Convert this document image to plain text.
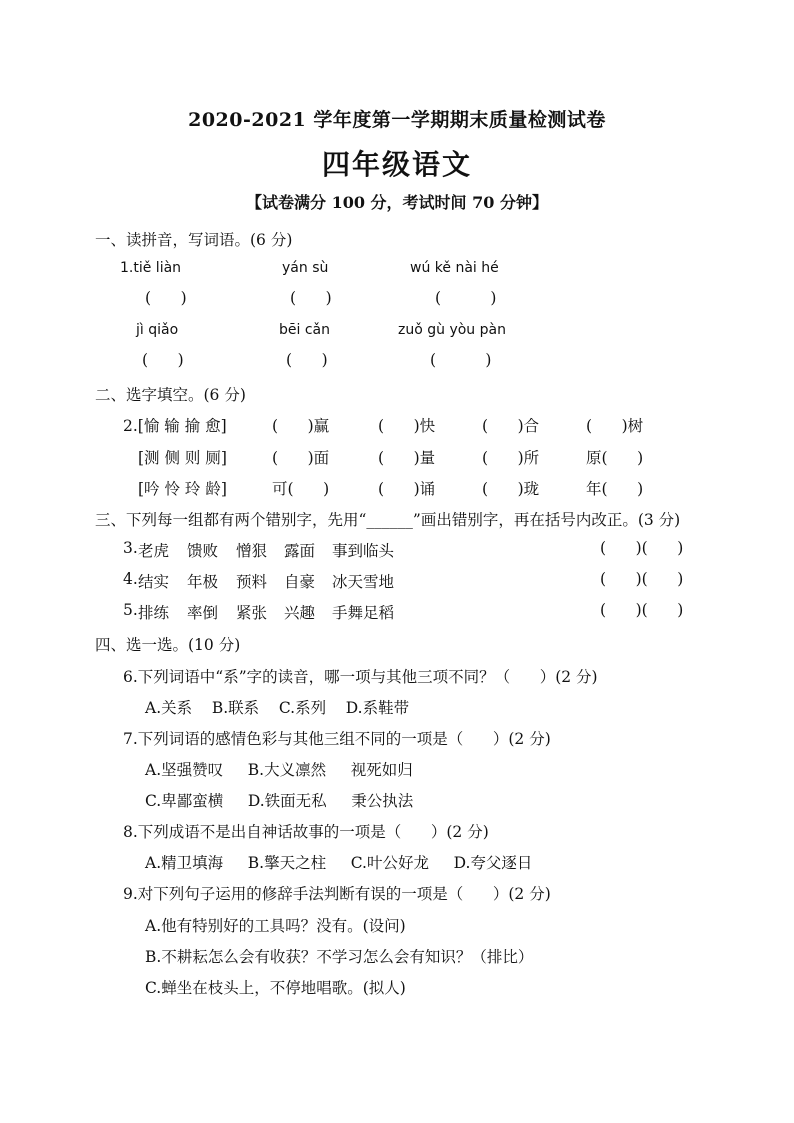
2020-2021 学年度第一学期期末质量检测试卷
四年级语文
【试卷满分 100 分，考试时间 70 分钟】
一、读拼音，写词语。(6 分)
1.tiě liàn	yán sù	wú kě nài hé
(      )	(      )	(          )
jì qiǎo	bēi cǎn	zuǒ gù yòu pàn
(      )	(      )	(          )
二、选字填空。(6 分)
2.[愉 输 揄 愈]	(      )赢	(      )快	(      )合	(      )树
[测 侧 则 厕]	(      )面	(      )量	(      )所	原(      )
[吟 怜 玲 龄]	可(      )	(      )诵	(      )珑	年(      )
三、下列每一组都有两个错别字，先用“______”画出错别字，再在括号内改正。(3 分)
3. 老虎 馈败 憎狠 露面 事到临头	(      )(      )
4. 结实 年极 预料 自豪 冰天雪地	(      )(      )
5. 排练 率倒 紧张 兴趣 手舞足稻	(      )(      )
四、选一选。(10 分)
6.下列词语中“系”字的读音，哪一项与其他三项不同？（      ）(2 分)
A.关系    B.联系    C.系列    D.系鞋带
7.下列词语的感情色彩与其他三组不同的一项是（      ）(2 分)
A.坚强赞叹     B.大义凛然     视死如归
C.卑鄙蛮横     D.铁面无私     秉公执法
8.下列成语不是出自神话故事的一项是（      ）(2 分)
A.精卫填海     B.擎天之柱     C.叶公好龙     D.夸父逐日
9.对下列句子运用的修辞手法判断有误的一项是（      ）(2 分)
A.他有特别好的工具吗？没有。(设问)
B.不耕耘怎么会有收获？不学习怎么会有知识？（排比）
C.蝉坐在枝头上，不停地唱歌。(拟人)
